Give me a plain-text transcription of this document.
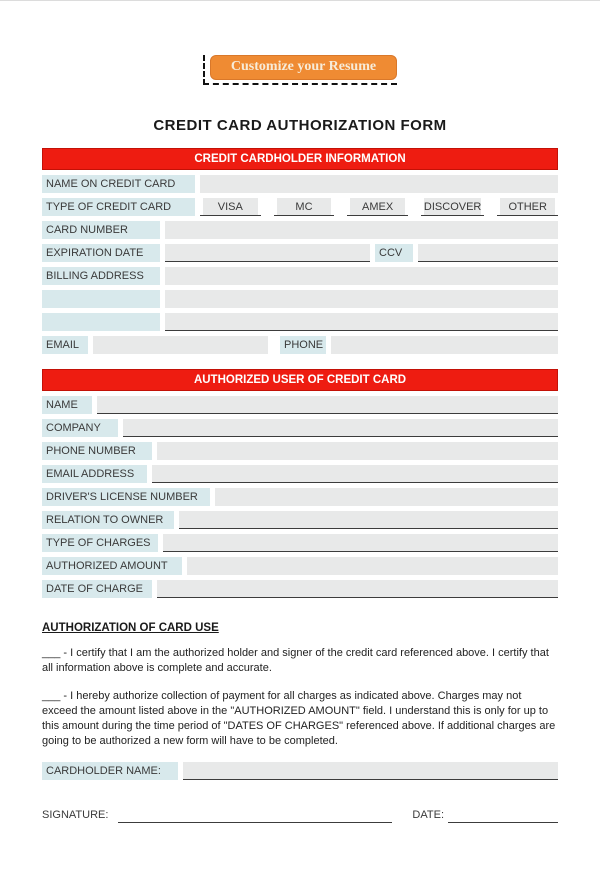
Customize your Resume
CREDIT CARD AUTHORIZATION FORM
CREDIT CARDHOLDER INFORMATION
NAME ON CREDIT CARD
TYPE OF CREDIT CARD	VISA	MC	AMEX	DISCOVER	OTHER
CARD NUMBER
EXPIRATION DATE	CCV
BILLING ADDRESS
EMAIL	PHONE
AUTHORIZED USER OF CREDIT CARD
NAME
COMPANY
PHONE NUMBER
EMAIL ADDRESS
DRIVER'S LICENSE NUMBER
RELATION TO OWNER
TYPE OF CHARGES
AUTHORIZED AMOUNT
DATE OF CHARGE
AUTHORIZATION OF CARD USE

___ - I certify that I am the authorized holder and signer of the credit card referenced above. I certify that all information above is complete and accurate.

___ - I hereby authorize collection of payment for all charges as indicated above. Charges may not exceed the amount listed above in the "AUTHORIZED AMOUNT" field. I understand this is only for up to this amount during the time period of "DATES OF CHARGES" referenced above. If additional charges are going to be authorized a new form will have to be completed.

CARDHOLDER NAME:
SIGNATURE:	DATE:
